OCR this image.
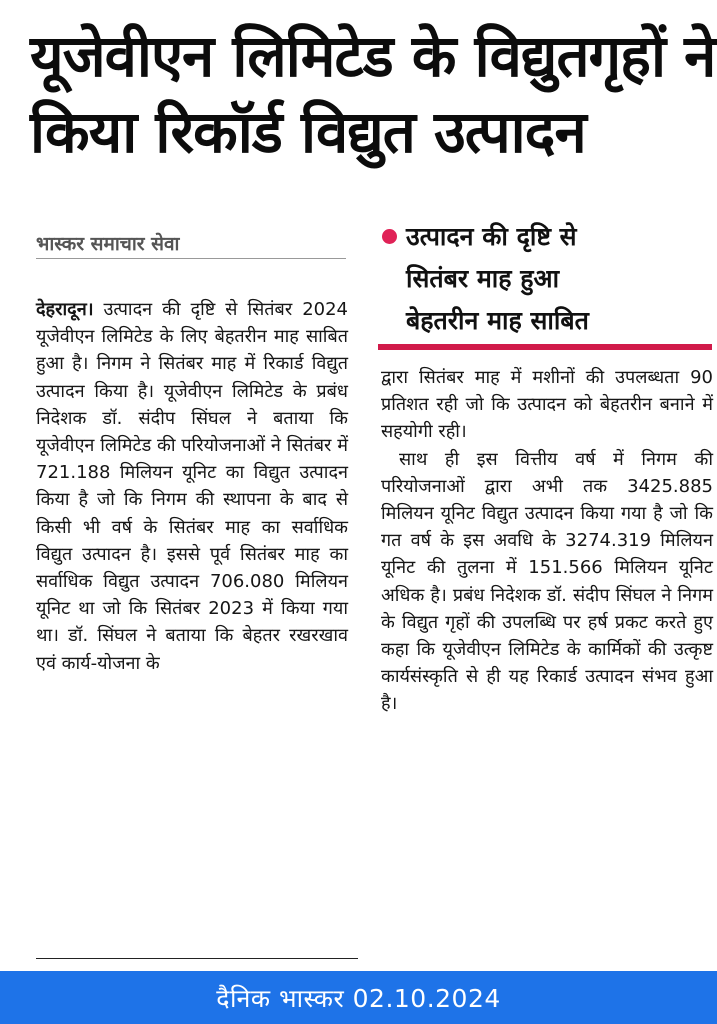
यूजेवीएन लिमिटेड के विद्युतगृहों ने
किया रिकॉर्ड विद्युत उत्पादन
भास्कर समाचार सेवा	उत्पादन की दृष्टि से
सितंबर माह हुआ
बेहतरीन माह साबित

देहरादून। उत्पादन की दृष्टि से सितंबर 2024 यूजेवीएन लिमिटेड के लिए बेहतरीन माह साबित हुआ है। निगम ने सितंबर माह में रिकार्ड विद्युत उत्पादन किया है। यूजेवीएन लिमिटेड के प्रबंध निदेशक डॉ. संदीप सिंघल ने बताया कि यूजेवीएन लिमिटेड की परियोजनाओं ने सितंबर में 721.188 मिलियन यूनिट का विद्युत उत्पादन किया है जो कि निगम की स्थापना के बाद से किसी भी वर्ष के सितंबर माह का सर्वाधिक विद्युत उत्पादन है। इससे पूर्व सितंबर माह का सर्वाधिक विद्युत उत्पादन 706.080 मिलियन यूनिट था जो कि सितंबर 2023 में किया गया था। डॉ. सिंघल ने बताया कि बेहतर रखरखाव एवं कार्य-योजना के

द्वारा सितंबर माह में मशीनों की उपलब्धता 90 प्रतिशत रही जो कि उत्पादन को बेहतरीन बनाने में सहयोगी रही।

साथ ही इस वित्तीय वर्ष में निगम की परियोजनाओं द्वारा अभी तक 3425.885 मिलियन यूनिट विद्युत उत्पादन किया गया है जो कि गत वर्ष के इस अवधि के 3274.319 मिलियन यूनिट की तुलना में 151.566 मिलियन यूनिट अधिक है। प्रबंध निदेशक डॉ. संदीप सिंघल ने निगम के विद्युत गृहों की उपलब्धि पर हर्ष प्रकट करते हुए कहा कि यूजेवीएन लिमिटेड के कार्मिकों की उत्कृष्ट कार्यसंस्कृति से ही यह रिकार्ड उत्पादन संभव हुआ है।

दैनिक भास्कर 02.10.2024
